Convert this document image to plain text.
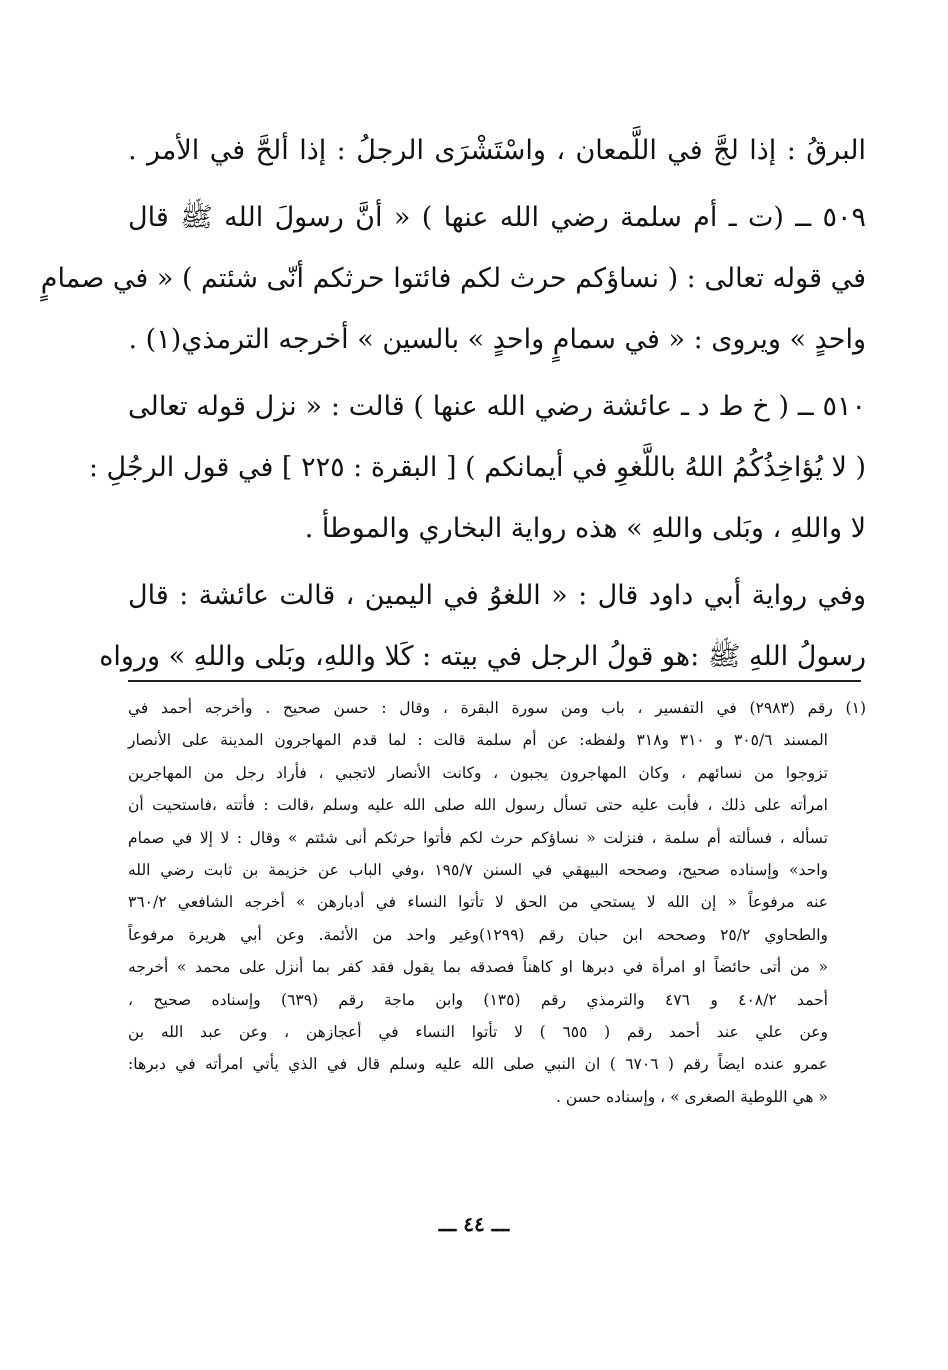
البرقُ : إذا لجَّ في اللَّمعان ، واسْتَشْرَى الرجلُ : إذا ألحَّ في الأمر .
٥٠٩ ــ (ت ـ أم سلمة رضي الله عنها ) « أنَّ رسولَ الله ﷺ قال
في قوله تعالى : ( نساؤكم حرث لكم فائتوا حرثكم أنّى شئتم ) « في صمامٍ
واحدٍ » ويروى : « في سمامٍ واحدٍ » بالسين » أخرجه الترمذي(١) .
٥١٠ ــ ( خ ط د ـ عائشة رضي الله عنها ) قالت : « نزل قوله تعالى
( لا يُؤاخِذُكُمُ اللهُ باللَّغوِ في أيمانكم ) [ البقرة : ٢٢٥ ] في قول الرجُلِ :
لا واللهِ ، وبَلى واللهِ » هذه رواية البخاري والموطأ .
وفي رواية أبي داود قال : « اللغوُ في اليمين ، قالت عائشة : قال
رسولُ اللهِ ﷺ :هو قولُ الرجل في بيته : كَلا واللهِ، وبَلى واللهِ » ورواه
(١) رقم (٢٩٨٣) في التفسير ، باب ومن سورة البقرة ، وقال : حسن صحيح . وأخرجه أحمد في
المسند ٣٠٥/٦ و ٣١٠ و٣١٨ ولفظه: عن أم سلمة قالت : لما قدم المهاجرون المدينة على الأنصار
تزوجوا من نسائهم ، وكان المهاجرون يجبون ، وكانت الأنصار لاتجبي ، فأراد رجل من المهاجرين
امرأته على ذلك ، فأبت عليه حتى تسأل رسول الله صلى الله عليه وسلم ،قالت : فأتته ،فاستحيت أن
تسأله ، فسألته أم سلمة ، فنزلت « نساؤكم حرث لكم فأتوا حرثكم أنى شئتم » وقال : لا إلا في صمام
واحد» وإسناده صحيح، وصححه البيهقي في السنن ١٩٥/٧ ،وفي الباب عن خزيمة بن ثابت رضي الله
عنه مرفوعاً « إن الله لا يستحي من الحق لا تأتوا النساء في أدبارهن » أخرجه الشافعي ٣٦٠/٢
والطحاوي ٢٥/٢ وصححه ابن حبان رقم (١٢٩٩)وغير واحد من الأئمة. وعن أبي هريرة مرفوعاً
« من أتى حائضاً او امرأة في دبرها او كاهناً فصدقه بما يقول فقد كفر بما أنزل على محمد » أخرجه
أحمد ٤٠٨/٢ و ٤٧٦ والترمذي رقم (١٣٥) وابن ماجة رقم (٦٣٩) وإسناده صحيح ،
وعن علي عند أحمد رقم ( ٦٥٥ ) لا تأتوا النساء في أعجازهن ، وعن عبد الله بن
عمرو عنده ايضاً رقم ( ٦٧٠٦ ) ان النبي صلى الله عليه وسلم قال في الذي يأتي امرأته في دبرها:
« هي اللوطية الصغرى » ، وإسناده حسن .
ـــ ٤٤ ـــ
